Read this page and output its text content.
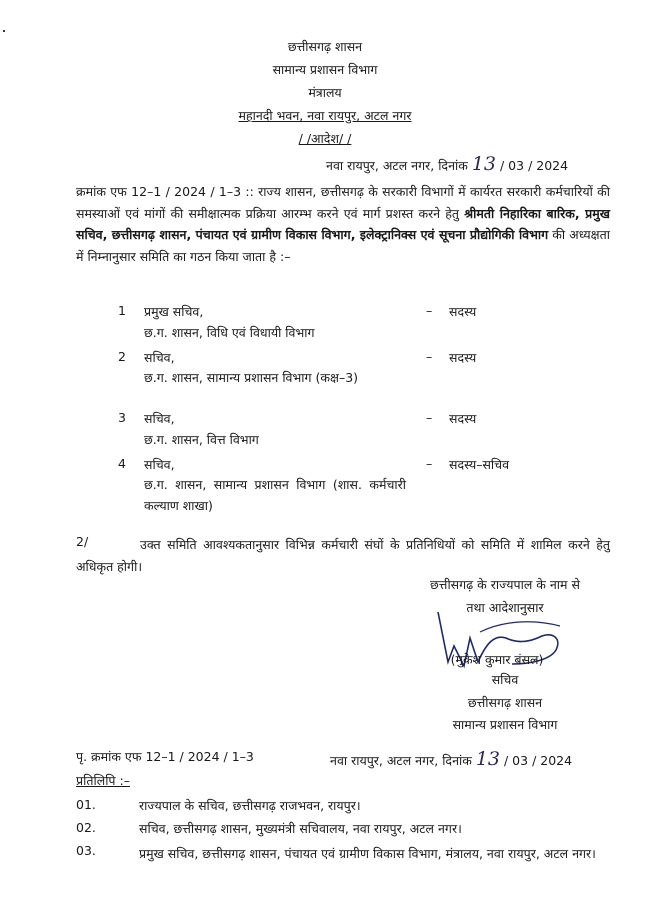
छत्तीसगढ़ शासन
सामान्य प्रशासन विभाग
मंत्रालय
महानदी भवन, नवा रायपुर, अटल नगर
/ /आदेश/ /
नवा रायपुर, अटल नगर, दिनांक 13 / 03 / 2024
क्रमांक एफ 12–1 / 2024 / 1–3 :: राज्य शासन, छत्तीसगढ़ के सरकारी विभागों में कार्यरत सरकारी कर्मचारियों की समस्याओं एवं मांगों की समीक्षात्मक प्रक्रिया आरम्भ करने एवं मार्ग प्रशस्त करने हेतु श्रीमती निहारिका बारिक, प्रमुख सचिव, छत्तीसगढ़ शासन, पंचायत एवं ग्रामीण विकास विभाग, इलेक्ट्रानिक्स एवं सूचना प्रौद्योगिकी विभाग की अध्यक्षता में निम्नानुसार समिति का गठन किया जाता है :–
1 प्रमुख सचिव,
छ.ग. शासन, विधि एवं विधायी विभाग
– सदस्य
2 सचिव,
छ.ग. शासन, सामान्य प्रशासन विभाग (कक्ष–3)
– सदस्य
3 सचिव,
छ.ग. शासन, वित्त विभाग
– सदस्य
4 सचिव,
छ.ग. शासन, सामान्य प्रशासन विभाग (शास. कर्मचारी कल्याण शाखा)
– सदस्य–सचिव
2/	उक्त समिति आवश्यकतानुसार विभिन्न कर्मचारी संघों के प्रतिनिधियों को समिति में शामिल करने हेतु अधिकृत होगी।
छत्तीसगढ़ के राज्यपाल के नाम से
तथा आदेशानुसार
(मुकेश कुमार बंसल)
सचिव
छत्तीसगढ़ शासन
सामान्य प्रशासन विभाग
पृ. क्रमांक एफ 12–1 / 2024 / 1–3	नवा रायपुर, अटल नगर, दिनांक 13 / 03 / 2024
प्रतिलिपि :–
01.	राज्यपाल के सचिव, छत्तीसगढ़ राजभवन, रायपुर।
02.	सचिव, छत्तीसगढ़ शासन, मुख्यमंत्री सचिवालय, नवा रायपुर, अटल नगर।
03.	प्रमुख सचिव, छत्तीसगढ़ शासन, पंचायत एवं ग्रामीण विकास विभाग, मंत्रालय, नवा रायपुर, अटल नगर।
